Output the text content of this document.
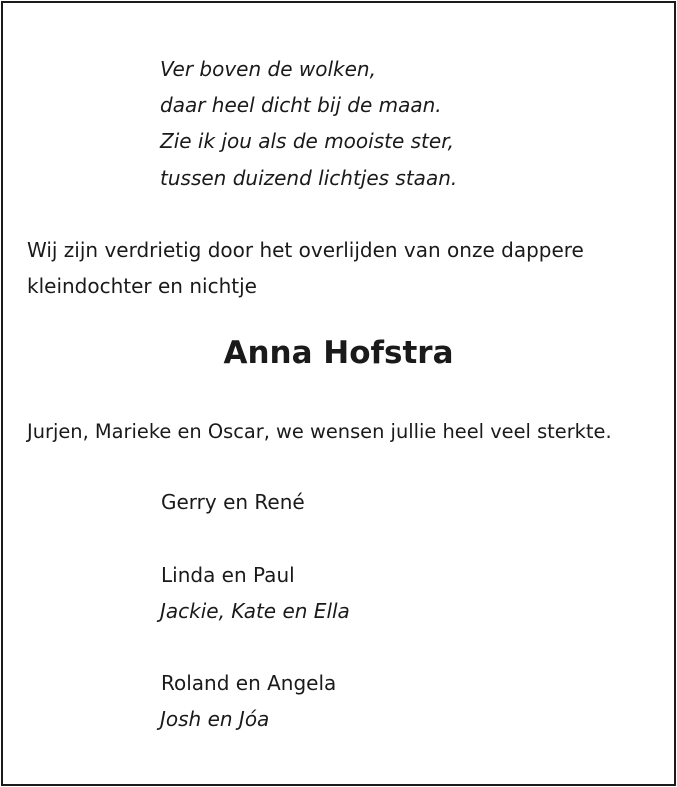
Ver boven de wolken,
daar heel dicht bij de maan.
Zie ik jou als de mooiste ster,
tussen duizend lichtjes staan.
Wij zijn verdrietig door het overlijden van onze dappere
kleindochter en nichtje
Anna Hofstra
Jurjen, Marieke en Oscar, we wensen jullie heel veel sterkte.
Gerry en René
Linda en Paul
Jackie, Kate en Ella
Roland en Angela
Josh en Jóa
